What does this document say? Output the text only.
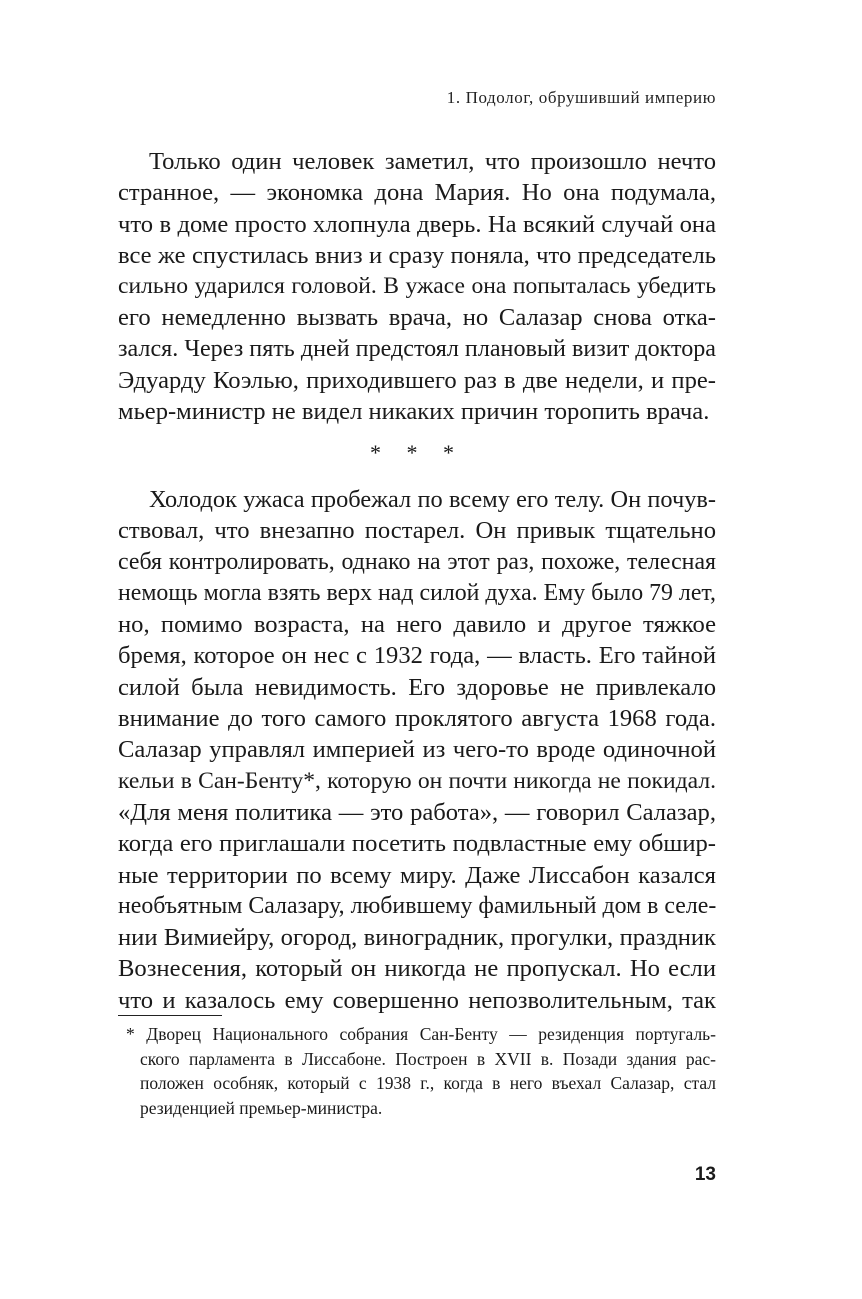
1. Подолог, обрушивший империю
Только один человек заметил, что произошло нечто
странное, — экономка дона Мария. Но она подумала,
что в доме просто хлопнула дверь. На всякий случай она
все же спустилась вниз и сразу поняла, что председатель
сильно ударился головой. В ужасе она попыталась убедить
его немедленно вызвать врача, но Салазар снова отка-
зался. Через пять дней предстоял плановый визит доктора
Эдуарду Коэлью, приходившего раз в две недели, и пре-
мьер-министр не видел никаких причин торопить врача.
* * *
Холодок ужаса пробежал по всему его телу. Он почув-
ствовал, что внезапно постарел. Он привык тщательно
себя контролировать, однако на этот раз, похоже, телесная
немощь могла взять верх над силой духа. Ему было 79 лет,
но, помимо возраста, на него давило и другое тяжкое
бремя, которое он нес с 1932 года, — власть. Его тайной
силой была невидимость. Его здоровье не привлекало
внимание до того самого проклятого августа 1968 года.
Салазар управлял империей из чего-то вроде одиночной
кельи в Сан-Бенту*, которую он почти никогда не покидал.
«Для меня политика — это работа», — говорил Салазар,
когда его приглашали посетить подвластные ему обшир-
ные территории по всему миру. Даже Лиссабон казался
необъятным Салазару, любившему фамильный дом в селе-
нии Вимиейру, огород, виноградник, прогулки, праздник
Вознесения, который он никогда не пропускал. Но если
что и казалось ему совершенно непозволительным, так
* Дворец Национального собрания Сан-Бенту — резиденция португаль-
ского парламента в Лиссабоне. Построен в XVII в. Позади здания рас-
положен особняк, который с 1938 г., когда в него въехал Салазар, стал
резиденцией премьер-министра.
13
